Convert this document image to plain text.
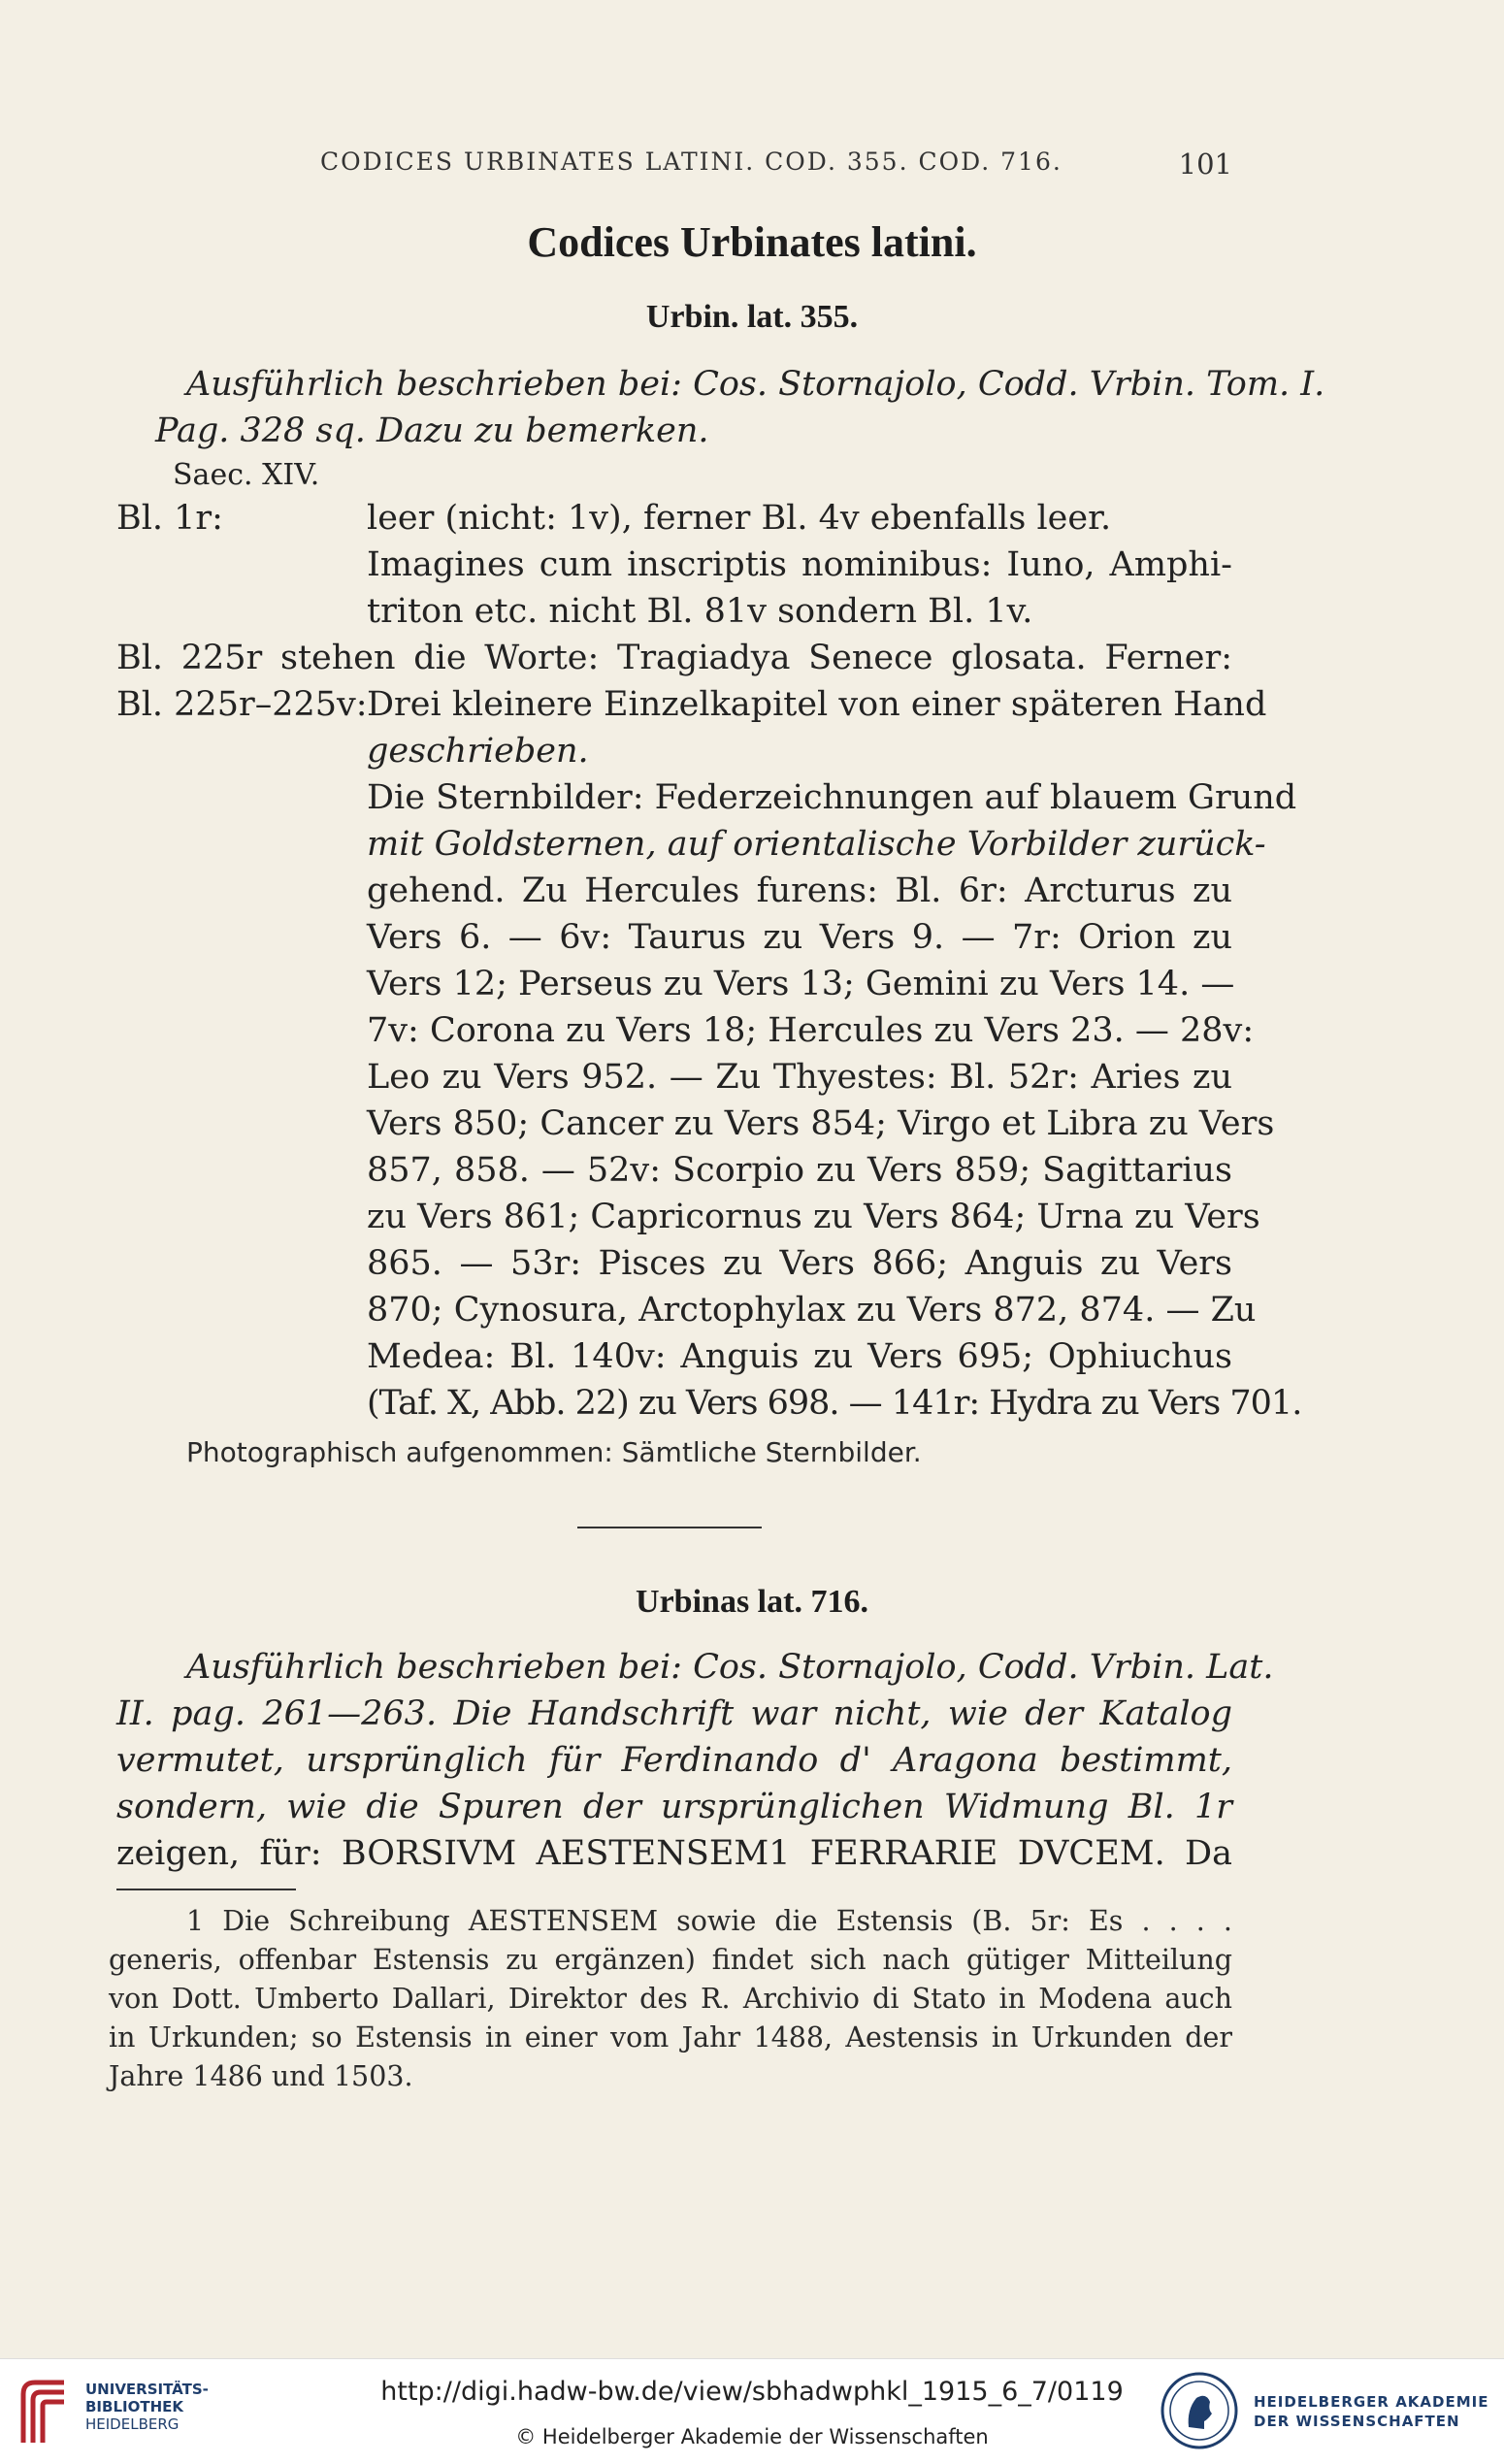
CODICES URBINATES LATINI. COD. 355. COD. 716.	101
Codices Urbinates latini.
Urbin. lat. 355.
Ausführlich beschrieben bei: Cos. Stornajolo, Codd. Vrbin. Tom. I.
Pag. 328 sq. Dazu zu bemerken.
Saec. XIV.
Bl. 1r:	leer (nicht: 1v), ferner Bl. 4v ebenfalls leer.
Imagines cum inscriptis nominibus: Iuno, Amphi-
triton etc. nicht Bl. 81v sondern Bl. 1v.
Bl. 225r stehen die Worte: Tragiadya Senece glosata. Ferner:
Bl. 225r–225v: Drei kleinere Einzelkapitel von einer späteren Hand
geschrieben.
Die Sternbilder: Federzeichnungen auf blauem Grund
mit Goldsternen, auf orientalische Vorbilder zurück-
gehend. Zu Hercules furens: Bl. 6r: Arcturus zu
Vers 6. — 6v: Taurus zu Vers 9. — 7r: Orion zu
Vers 12; Perseus zu Vers 13; Gemini zu Vers 14. —
7v: Corona zu Vers 18; Hercules zu Vers 23. — 28v:
Leo zu Vers 952. — Zu Thyestes: Bl. 52r: Aries zu
Vers 850; Cancer zu Vers 854; Virgo et Libra zu Vers
857, 858. — 52v: Scorpio zu Vers 859; Sagittarius
zu Vers 861; Capricornus zu Vers 864; Urna zu Vers
865. — 53r: Pisces zu Vers 866; Anguis zu Vers
870; Cynosura, Arctophylax zu Vers 872, 874. — Zu
Medea: Bl. 140v: Anguis zu Vers 695; Ophiuchus
(Taf. X, Abb. 22) zu Vers 698. — 141r: Hydra zu Vers 701.
Photographisch aufgenommen: Sämtliche Sternbilder.
Urbinas lat. 716.
Ausführlich beschrieben bei: Cos. Stornajolo, Codd. Vrbin. Lat.
II. pag. 261—263. Die Handschrift war nicht, wie der Katalog
vermutet, ursprünglich für Ferdinando d' Aragona bestimmt,
sondern, wie die Spuren der ursprünglichen Widmung Bl. 1r
zeigen, für: BORSIVM AESTENSEM1 FERRARIE DVCEM. Da
1 Die Schreibung AESTENSEM sowie die Estensis (B. 5r: Es . . . .
generis, offenbar Estensis zu ergänzen) findet sich nach gütiger Mitteilung
von Dott. Umberto Dallari, Direktor des R. Archivio di Stato in Modena auch
in Urkunden; so Estensis in einer vom Jahr 1488, Aestensis in Urkunden der
Jahre 1486 und 1503.
UNIVERSITÄTS-
BIBLIOTHEK
HEIDELBERG
http://digi.hadw-bw.de/view/sbhadwphkl_1915_6_7/0119
© Heidelberger Akademie der Wissenschaften
HEIDELBERGER AKADEMIE
DER WISSENSCHAFTEN
